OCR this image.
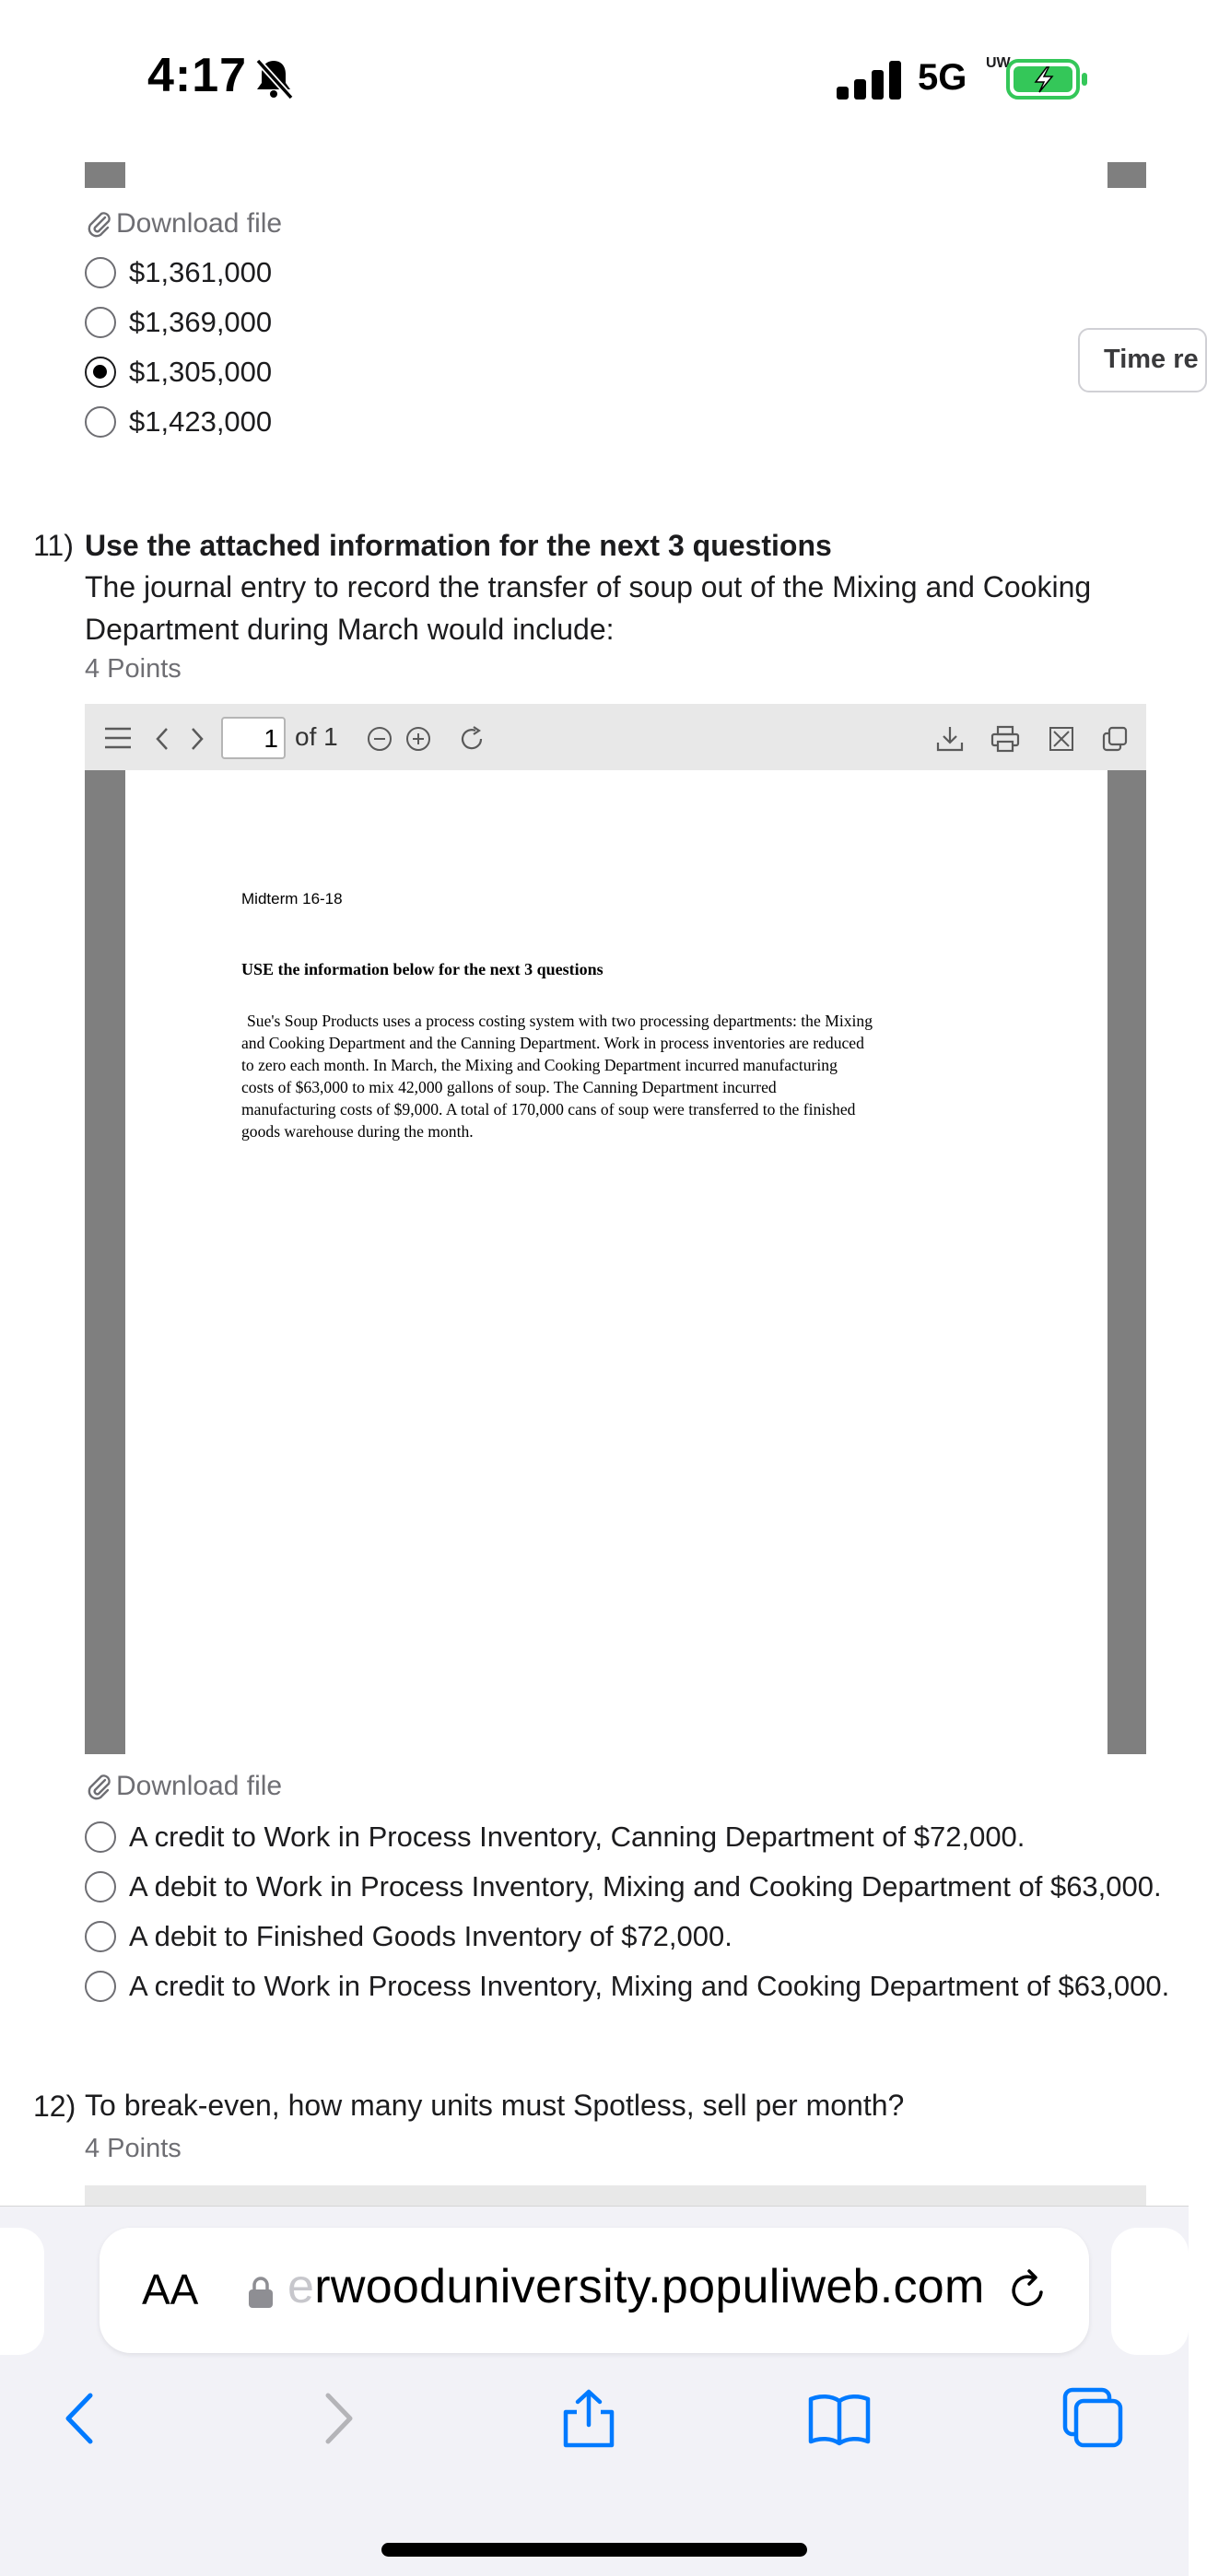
4:17	5G UW
Download file
$1,361,000
$1,369,000
$1,305,000
$1,423,000
Time re
11) Use the attached information for the next 3 questions
The journal entry to record the transfer of soup out of the Mixing and Cooking Department during March would include:
4 Points
1 of 1
Midterm 16-18
USE the information below for the next 3 questions
Sue's Soup Products uses a process costing system with two processing departments: the Mixing
and Cooking Department and the Canning Department. Work in process inventories are reduced
to zero each month. In March, the Mixing and Cooking Department incurred manufacturing
costs of $63,000 to mix 42,000 gallons of soup. The Canning Department incurred
manufacturing costs of $9,000. A total of 170,000 cans of soup were transferred to the finished
goods warehouse during the month.
Download file
A credit to Work in Process Inventory, Canning Department of $72,000.
A debit to Work in Process Inventory, Mixing and Cooking Department of $63,000.
A debit to Finished Goods Inventory of $72,000.
A credit to Work in Process Inventory, Mixing and Cooking Department of $63,000.
12) To break-even, how many units must Spotless, sell per month?
4 Points
AA erwooduniversity.populiweb.com
